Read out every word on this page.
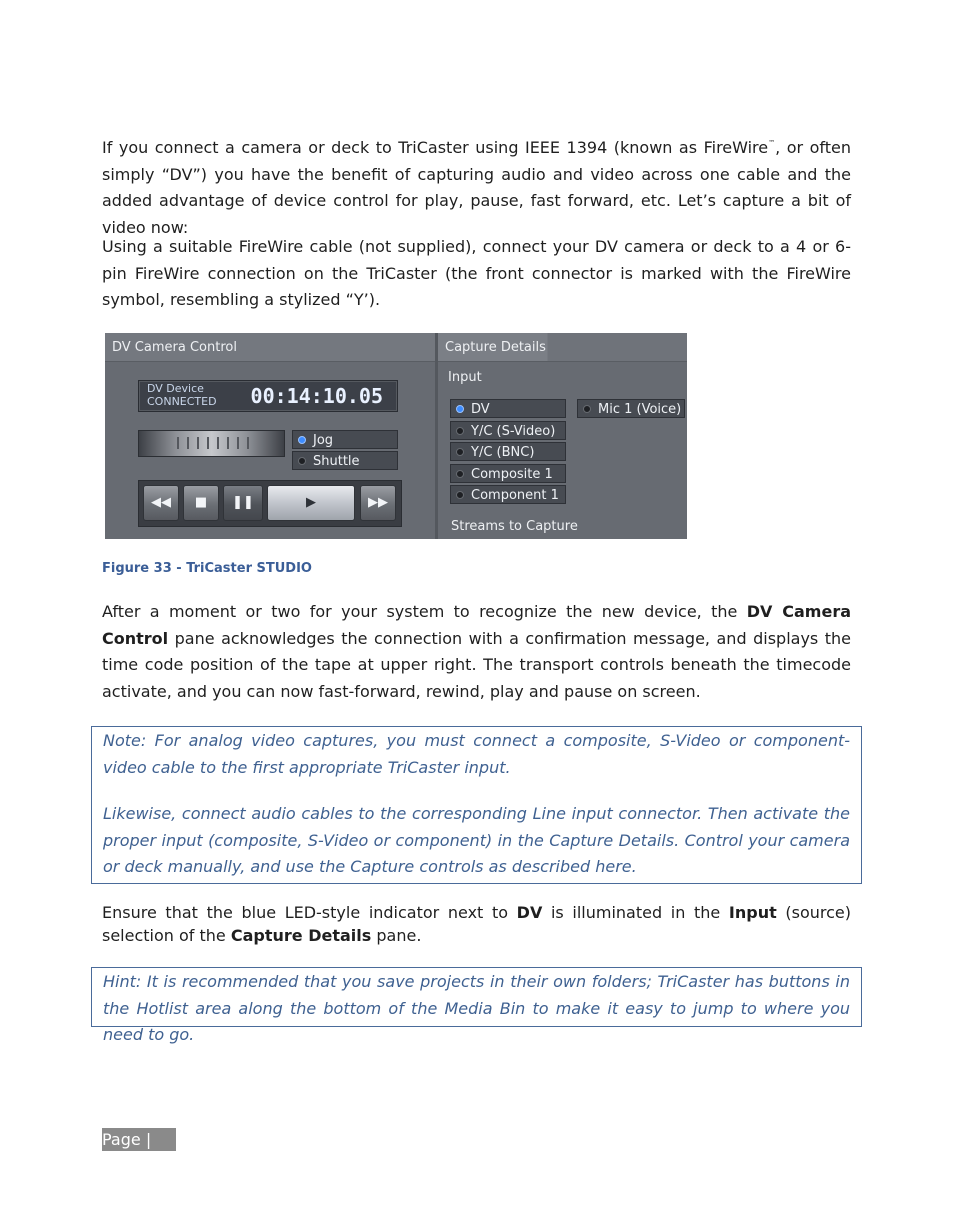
If you connect a camera or deck to TriCaster using IEEE 1394 (known as FireWire™, or often simply “DV”) you have the benefit of capturing audio and video across one cable and the added advantage of device control for play, pause, fast forward, etc. Let’s capture a bit of video now:

Using a suitable FireWire cable (not supplied), connect your DV camera or deck to a 4 or 6-pin FireWire connection on the TriCaster (the front connector is marked with the FireWire symbol, resembling a stylized “Y’).

DV Camera Control
DV Device
CONNECTED 00:14:10.05
Jog
Shuttle
◀◀	■	❚❚	▶	▶▶
Capture Details
Input
DV
Y/C (S-Video)
Y/C (BNC)
Composite 1
Component 1
Mic 1 (Voice)
Streams to Capture
Figure 33 - TriCaster STUDIO

After a moment or two for your system to recognize the new device, the DV Camera Control pane acknowledges the connection with a confirmation message, and displays the time code position of the tape at upper right. The transport controls beneath the timecode activate, and you can now fast-forward, rewind, play and pause on screen.

Note: For analog video captures, you must connect a composite, S-Video or component-video cable to the first appropriate TriCaster input.

Likewise, connect audio cables to the corresponding Line input connector. Then activate the proper input (composite, S-Video or component) in the Capture Details. Control your camera or deck manually, and use the Capture controls as described here.

Ensure that the blue LED-style indicator next to DV is illuminated in the Input (source) selection of the Capture Details pane.

Hint: It is recommended that you save projects in their own folders; TriCaster has buttons in the Hotlist area along the bottom of the Media Bin to make it easy to jump to where you need to go.

Page | 40
